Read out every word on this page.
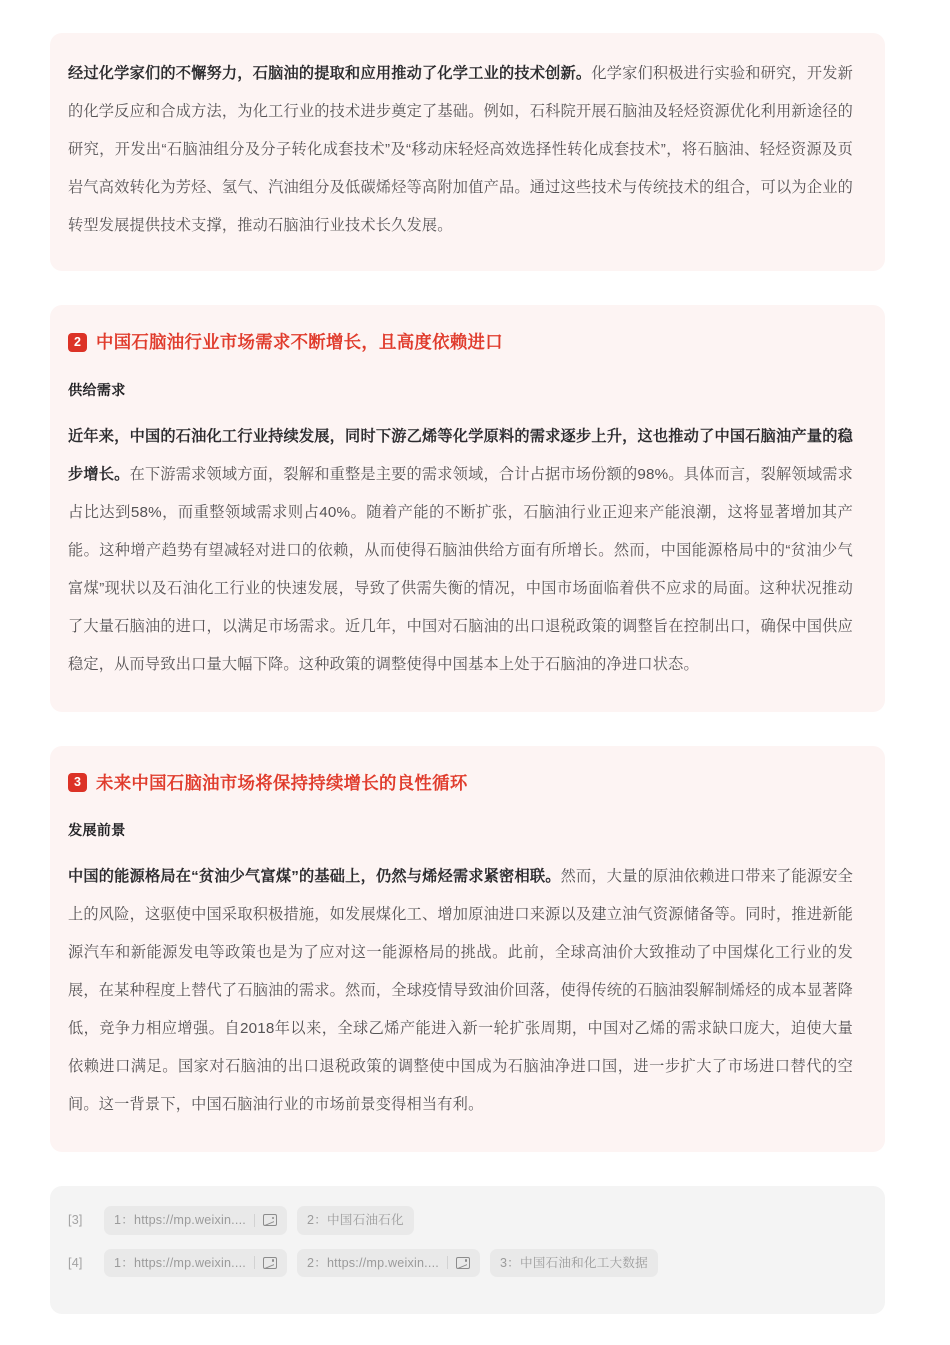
经过化学家们的不懈努力，石脑油的提取和应用推动了化学工业的技术创新。化学家们积极进行实验和研究，开发新的化学反应和合成方法，为化工行业的技术进步奠定了基础。例如，石科院开展石脑油及轻烃资源优化利用新途径的研究，开发出“石脑油组分及分子转化成套技术”及“移动床轻烃高效选择性转化成套技术”，将石脑油、轻烃资源及页岩气高效转化为芳烃、氢气、汽油组分及低碳烯烃等高附加值产品。通过这些技术与传统技术的组合，可以为企业的转型发展提供技术支撑，推动石脑油行业技术长久发展。

2 中国石脑油行业市场需求不断增长，且高度依赖进口
供给需求

近年来，中国的石油化工行业持续发展，同时下游乙烯等化学原料的需求逐步上升，这也推动了中国石脑油产量的稳步增长。在下游需求领域方面，裂解和重整是主要的需求领域，合计占据市场份额的98%。具体而言，裂解领域需求占比达到58%，而重整领域需求则占40%。随着产能的不断扩张，石脑油行业正迎来产能浪潮，这将显著增加其产能。这种增产趋势有望减轻对进口的依赖，从而使得石脑油供给方面有所增长。然而，中国能源格局中的“贫油少气富煤”现状以及石油化工行业的快速发展，导致了供需失衡的情况，中国市场面临着供不应求的局面。这种状况推动了大量石脑油的进口，以满足市场需求。近几年，中国对石脑油的出口退税政策的调整旨在控制出口，确保中国供应稳定，从而导致出口量大幅下降。这种政策的调整使得中国基本上处于石脑油的净进口状态。

3 未来中国石脑油市场将保持持续增长的良性循环
发展前景

中国的能源格局在“贫油少气富煤”的基础上，仍然与烯烃需求紧密相联。然而，大量的原油依赖进口带来了能源安全上的风险，这驱使中国采取积极措施，如发展煤化工、增加原油进口来源以及建立油气资源储备等。同时，推进新能源汽车和新能源发电等政策也是为了应对这一能源格局的挑战。此前，全球高油价大致推动了中国煤化工行业的发展，在某种程度上替代了石脑油的需求。然而，全球疫情导致油价回落，使得传统的石脑油裂解制烯烃的成本显著降低，竞争力相应增强。自2018年以来，全球乙烯产能进入新一轮扩张周期，中国对乙烯的需求缺口庞大，迫使大量依赖进口满足。国家对石脑油的出口退税政策的调整使中国成为石脑油净进口国，进一步扩大了市场进口替代的空间。这一背景下，中国石脑油行业的市场前景变得相当有利。

[3]	1：https://mp.weixin....	2：中国石油石化
[4]	1：https://mp.weixin....	2：https://mp.weixin....	3：中国石油和化工大数据
